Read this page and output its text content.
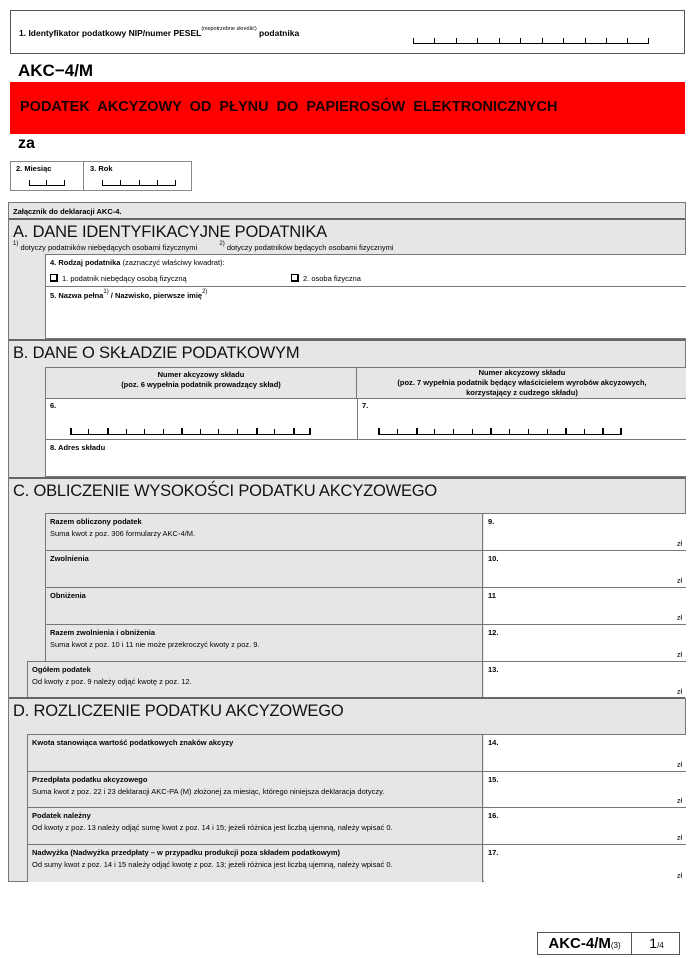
1. Identyfikator podatkowy NIP/numer $PESEL^{(niepotrzebne skreślić)}$ podatnika
AKC−4/M
PODATEK AKCYZOWY OD PŁYNU DO PAPIEROSÓW ELEKTRONICZNYCH
za
2. Miesiąc	3. Rok
Załącznik do deklaracji AKC-4.
A. DANE IDENTYFIKACYJNE PODATNIKA
$^{1)}$ dotyczy podatników niebędących osobami fizycznymi	$^{2)}$ dotyczy podatników będących osobami fizycznymi
4. Rodzaj podatnika (zaznaczyć właściwy kwadrat):
1. podatnik niebędący osobą fizyczną	2. osoba fizyczna
5. Nazwa pełna$^{1)}$ / Nazwisko, pierwsze imię$^{2)}$
B. DANE O SKŁADZIE PODATKOWYM
Numer akcyzowy składu
(poz. 6 wypełnia podatnik prowadzący skład)
Numer akcyzowy składu
(poz. 7 wypełnia podatnik będący właścicielem wyrobów akcyzowych,
korzystający z cudzego składu)
6.	7.
8. Adres składu
C. OBLICZENIE WYSOKOŚCI PODATKU AKCYZOWEGO
Razem obliczony podatek
Suma kwot z poz. 306 formularzy AKC-4/M.
9.
zł
Zwolnienia	10.
zł
Obniżenia	11
zł
Razem zwolnienia i obniżenia
Suma kwot z poz. 10 i 11 nie może przekroczyć kwoty z poz. 9.
12.
zł
Ogółem podatek
Od kwoty z poz. 9 należy odjąć kwotę z poz. 12.
13.
zł
D. ROZLICZENIE PODATKU AKCYZOWEGO
Kwota stanowiąca wartość podatkowych znaków akcyzy	14.
zł
Przedpłata podatku akcyzowego
Suma kwot z poz. 22 i 23 deklaracji AKC-PA (M) złożonej za miesiąc, którego niniejsza deklaracja dotyczy.
15.
zł
Podatek należny
Od kwoty z poz. 13 należy odjąć sumę kwot z poz. 14 i 15; jeżeli różnica jest liczbą ujemną, należy wpisać 0.
16.
zł
Nadwyżka (Nadwyżka przedpłaty – w przypadku produkcji poza składem podatkowym)
Od sumy kwot z poz. 14 i 15 należy odjąć kwotę z poz. 13; jeżeli różnica jest liczbą ujemną, należy wpisać 0.
17.
zł
AKC-4/M(3)	1/4
